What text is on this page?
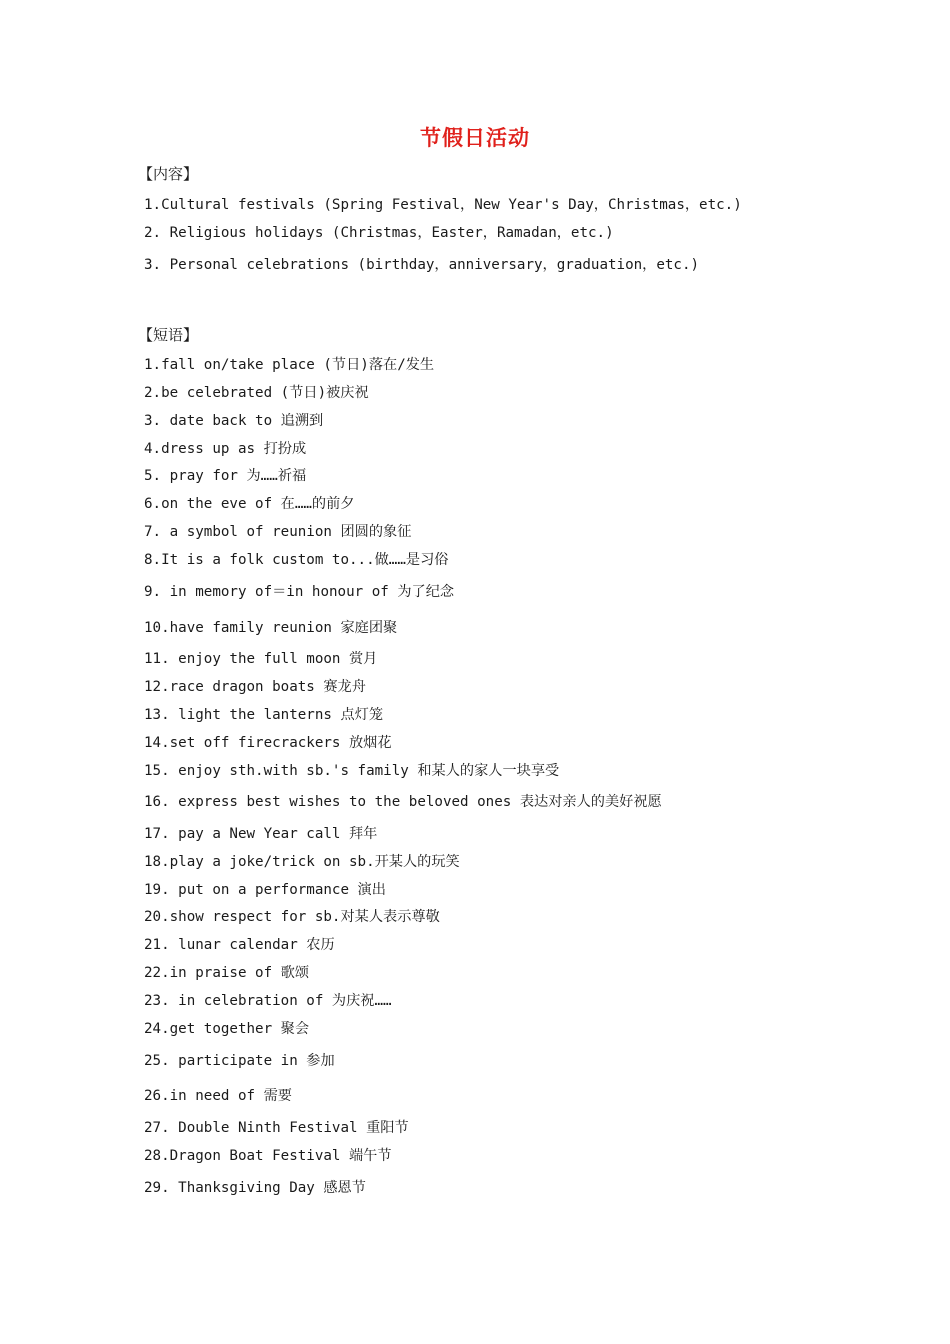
节假日活动
【内容】
1.Cultural festivals (Spring Festival，New Year's Day，Christmas，etc.)
2. Religious holidays (Christmas，Easter，Ramadan，etc.)
3. Personal celebrations (birthday，anniversary，graduation，etc.)
【短语】
1.fall on/take place (节日)落在/发生
2.be celebrated (节日)被庆祝
3. date back to 追溯到
4.dress up as 打扮成
5. pray for 为……祈福
6.on the eve of 在……的前夕
7. a symbol of reunion 团圆的象征
8.It is a folk custom to...做……是习俗
9. in memory of＝in honour of 为了纪念
10.have family reunion 家庭团聚
11. enjoy the full moon 赏月
12.race dragon boats 赛龙舟
13. light the lanterns 点灯笼
14.set off firecrackers 放烟花
15. enjoy sth.with sb.'s family 和某人的家人一块享受
16. express best wishes to the beloved ones 表达对亲人的美好祝愿
17. pay a New Year call 拜年
18.play a joke/trick on sb.开某人的玩笑
19. put on a performance 演出
20.show respect for sb.对某人表示尊敬
21. lunar calendar 农历
22.in praise of 歌颂
23. in celebration of 为庆祝……
24.get together 聚会
25. participate in 参加
26.in need of 需要
27. Double Ninth Festival 重阳节
28.Dragon Boat Festival 端午节
29. Thanksgiving Day 感恩节
